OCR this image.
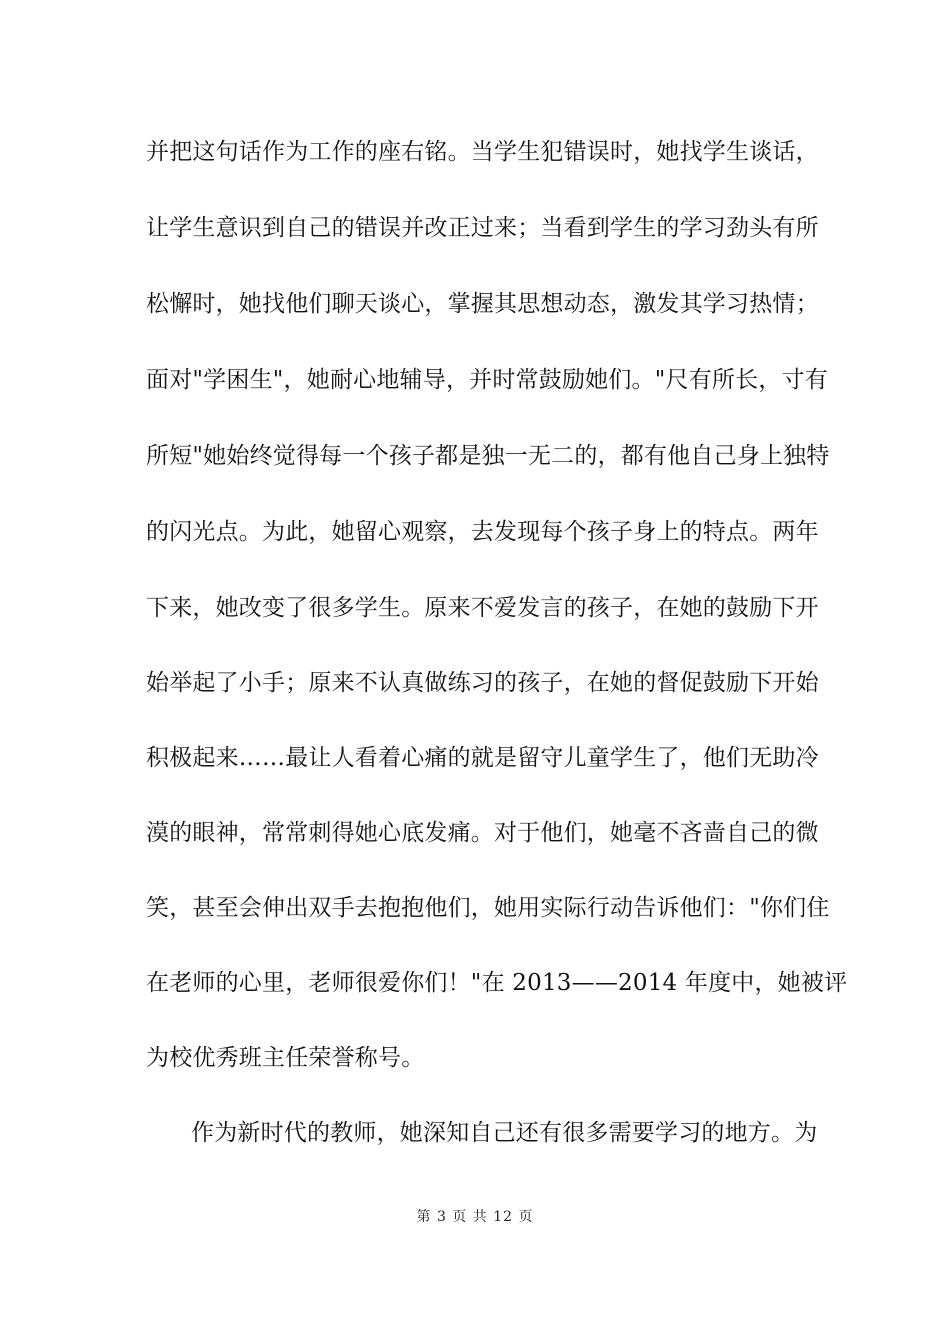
并把这句话作为工作的座右铭。当学生犯错误时，她找学生谈话，
让学生意识到自己的错误并改正过来；当看到学生的学习劲头有所
松懈时，她找他们聊天谈心，掌握其思想动态，激发其学习热情；
面对"学困生"，她耐心地辅导，并时常鼓励她们。"尺有所长，寸有
所短"她始终觉得每一个孩子都是独一无二的，都有他自己身上独特
的闪光点。为此，她留心观察，去发现每个孩子身上的特点。两年
下来，她改变了很多学生。原来不爱发言的孩子，在她的鼓励下开
始举起了小手；原来不认真做练习的孩子，在她的督促鼓励下开始
积极起来……最让人看着心痛的就是留守儿童学生了，他们无助冷
漠的眼神，常常刺得她心底发痛。对于他们，她毫不吝啬自己的微
笑，甚至会伸出双手去抱抱他们，她用实际行动告诉他们："你们住
在老师的心里，老师很爱你们！"在 2013——2014 年度中，她被评
为校优秀班主任荣誉称号。
作为新时代的教师，她深知自己还有很多需要学习的地方。为
第 3 页 共 12 页
